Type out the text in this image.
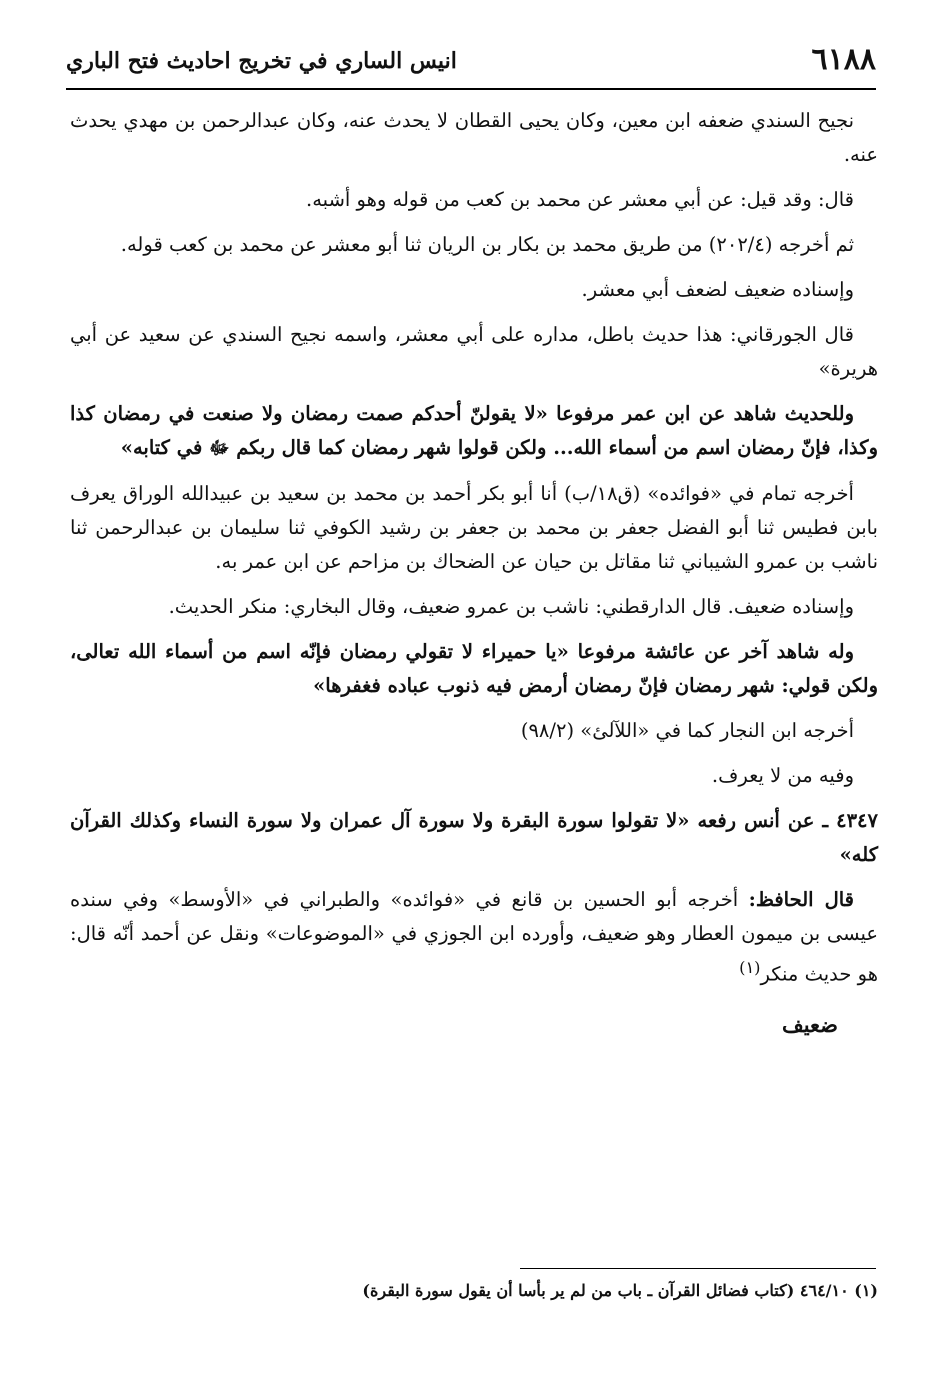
٦١٨٨
انيس الساري في تخريج احاديث فتح الباري

نجيح السندي ضعفه ابن معين، وكان يحيى القطان لا يحدث عنه، وكان عبدالرحمن بن مهدي يحدث عنه.

قال: وقد قيل: عن أبي معشر عن محمد بن كعب من قوله وهو أشبه.

ثم أخرجه (٢٠٢/٤) من طريق محمد بن بكار بن الريان ثنا أبو معشر عن محمد بن كعب قوله.

وإسناده ضعيف لضعف أبي معشر.

قال الجورقاني: هذا حديث باطل، مداره على أبي معشر، واسمه نجيح السندي عن سعيد عن أبي هريرة»

وللحديث شاهد عن ابن عمر مرفوعا «لا يقولنّ أحدكم صمت رمضان ولا صنعت في رمضان كذا وكذا، فإنّ رمضان اسم من أسماء الله... ولكن قولوا شهر رمضان كما قال ربكم ﷻ في كتابه»

أخرجه تمام في «فوائده» (ق١٨/ب) أنا أبو بكر أحمد بن محمد بن سعيد بن عبيدالله الوراق يعرف بابن فطيس ثنا أبو الفضل جعفر بن محمد بن جعفر بن رشيد الكوفي ثنا سليمان بن عبدالرحمن ثنا ناشب بن عمرو الشيباني ثنا مقاتل بن حيان عن الضحاك بن مزاحم عن ابن عمر به.

وإسناده ضعيف. قال الدارقطني: ناشب بن عمرو ضعيف، وقال البخاري: منكر الحديث.

وله شاهد آخر عن عائشة مرفوعا «يا حميراء لا تقولي رمضان فإنّه اسم من أسماء الله تعالى، ولكن قولي: شهر رمضان فإنّ رمضان أرمض فيه ذنوب عباده فغفرها»

أخرجه ابن النجار كما في «اللآلئ» (٩٨/٢)

وفيه من لا يعرف.

٤٣٤٧ ـ عن أنس رفعه «لا تقولوا سورة البقرة ولا سورة آل عمران ولا سورة النساء وكذلك القرآن كله»

قال الحافظ: أخرجه أبو الحسين بن قانع في «فوائده» والطبراني في «الأوسط» وفي سنده عيسى بن ميمون العطار وهو ضعيف، وأورده ابن الجوزي في «الموضوعات» ونقل عن أحمد أنّه قال: هو حديث منكر$^{(١)}$

ضعيف

(١) ٤٦٤/١٠ (كتاب فضائل القرآن ـ باب من لم ير بأسا أن يقول سورة البقرة)
